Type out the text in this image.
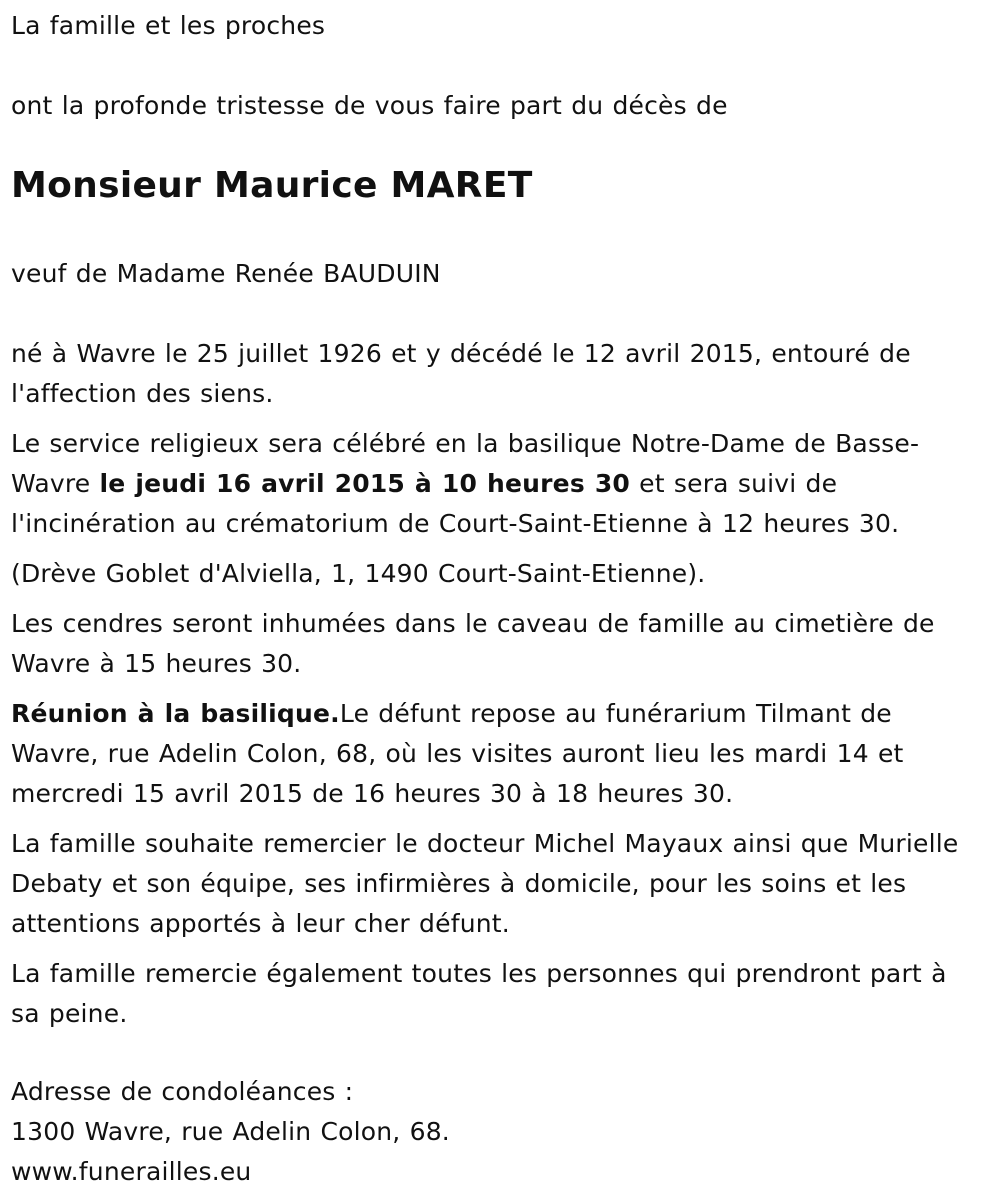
La famille et les proches

ont la profonde tristesse de vous faire part du décès de

Monsieur Maurice MARET

veuf de Madame Renée BAUDUIN

né à Wavre le 25 juillet 1926 et y décédé le 12 avril 2015, entouré de l'affection des siens.

Le service religieux sera célébré en la basilique Notre-Dame de Basse-Wavre le jeudi 16 avril 2015 à 10 heures 30 et sera suivi de l'incinération au crématorium de Court-Saint-Etienne à 12 heures 30.

(Drève Goblet d'Alviella, 1, 1490 Court-Saint-Etienne).

Les cendres seront inhumées dans le caveau de famille au cimetière de Wavre à 15 heures 30.

Réunion à la basilique.Le défunt repose au funérarium Tilmant de Wavre, rue Adelin Colon, 68, où les visites auront lieu les mardi 14 et mercredi 15 avril 2015 de 16 heures 30 à 18 heures 30.

La famille souhaite remercier le docteur Michel Mayaux ainsi que Murielle Debaty et son équipe, ses infirmières à domicile, pour les soins et les attentions apportés à leur cher défunt.

La famille remercie également toutes les personnes qui prendront part à sa peine.

Adresse de condoléances :

1300 Wavre, rue Adelin Colon, 68.

www.funerailles.eu
